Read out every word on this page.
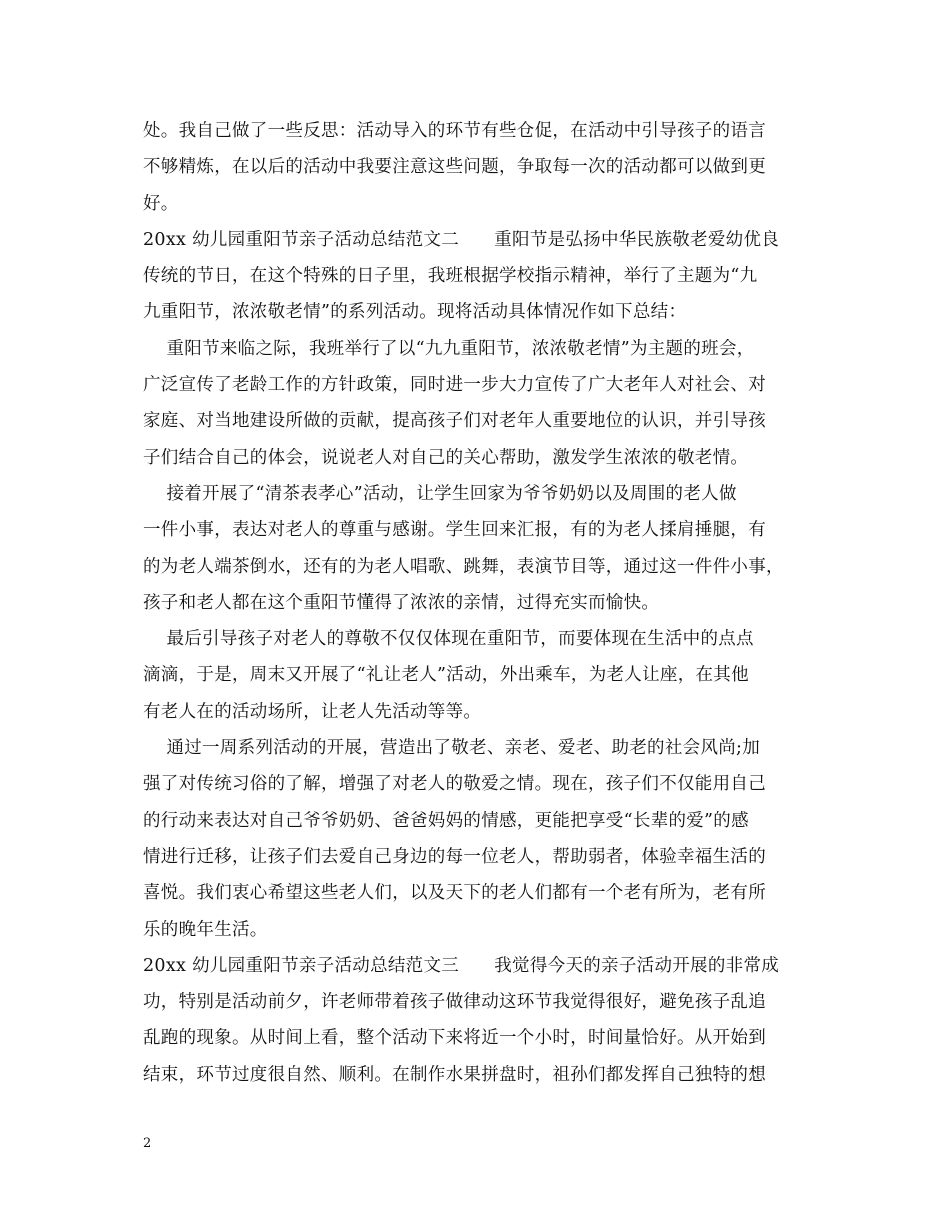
处。我自己做了一些反思：活动导入的环节有些仓促，在活动中引导孩子的语言
不够精炼，在以后的活动中我要注意这些问题，争取每一次的活动都可以做到更
好。
20xx 幼儿园重阳节亲子活动总结范文二      重阳节是弘扬中华民族敬老爱幼优良
传统的节日，在这个特殊的日子里，我班根据学校指示精神，举行了主题为“九
九重阳节，浓浓敬老情”的系列活动。现将活动具体情况作如下总结：
重阳节来临之际，我班举行了以“九九重阳节，浓浓敬老情”为主题的班会，
广泛宣传了老龄工作的方针政策，同时进一步大力宣传了广大老年人对社会、对
家庭、对当地建设所做的贡献，提高孩子们对老年人重要地位的认识，并引导孩
子们结合自己的体会，说说老人对自己的关心帮助，激发学生浓浓的敬老情。
接着开展了“清茶表孝心”活动，让学生回家为爷爷奶奶以及周围的老人做
一件小事，表达对老人的尊重与感谢。学生回来汇报，有的为老人揉肩捶腿，有
的为老人端茶倒水，还有的为老人唱歌、跳舞，表演节目等，通过这一件件小事，
孩子和老人都在这个重阳节懂得了浓浓的亲情，过得充实而愉快。
最后引导孩子对老人的尊敬不仅仅体现在重阳节，而要体现在生活中的点点
滴滴，于是，周末又开展了“礼让老人”活动，外出乘车，为老人让座，在其他
有老人在的活动场所，让老人先活动等等。
通过一周系列活动的开展，营造出了敬老、亲老、爱老、助老的社会风尚;加
强了对传统习俗的了解，增强了对老人的敬爱之情。现在，孩子们不仅能用自己
的行动来表达对自己爷爷奶奶、爸爸妈妈的情感，更能把享受“长辈的爱”的感
情进行迁移，让孩子们去爱自己身边的每一位老人，帮助弱者，体验幸福生活的
喜悦。我们衷心希望这些老人们，以及天下的老人们都有一个老有所为，老有所
乐的晚年生活。
20xx 幼儿园重阳节亲子活动总结范文三      我觉得今天的亲子活动开展的非常成
功，特别是活动前夕，许老师带着孩子做律动这环节我觉得很好，避免孩子乱追
乱跑的现象。从时间上看，整个活动下来将近一个小时，时间量恰好。从开始到
结束，环节过度很自然、顺利。在制作水果拼盘时，祖孙们都发挥自己独特的想
2
